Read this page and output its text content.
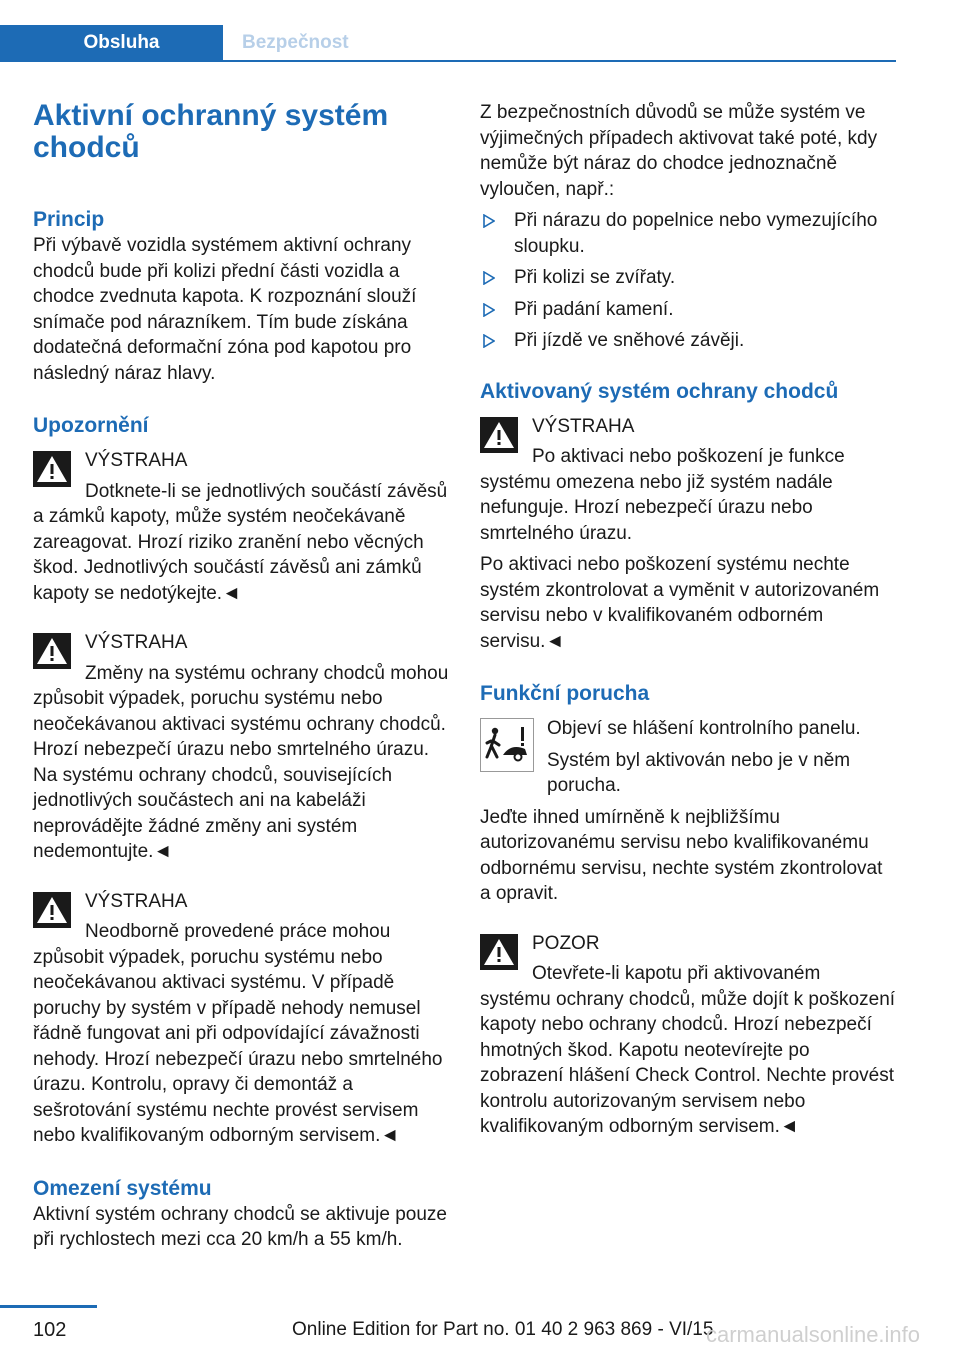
Obsluha	Bezpečnost
Aktivní ochranný systém chodců
Princip

Při výbavě vozidla systémem aktivní ochrany chodců bude při kolizi přední části vozidla a chodce zvednuta kapota. K rozpoznání slouží snímače pod nárazníkem. Tím bude získána dodatečná deformační zóna pod kapotou pro následný náraz hlavy.

Upozornění

VÝSTRAHA

Dotknete-li se jednotlivých součástí závěsů a zámků kapoty, může systém neočekávaně zareagovat. Hrozí riziko zranění nebo věcných škod. Jednotlivých součástí závěsů ani zámků kapoty se nedotýkejte.◄

VÝSTRAHA

Změny na systému ochrany chodců mohou způsobit výpadek, poruchu systému nebo neočekávanou aktivaci systému ochrany chodců. Hrozí nebezpečí úrazu nebo smrtelného úrazu. Na systému ochrany chodců, souvisejících jednotlivých součástech ani na kabeláži neprovádějte žádné změny ani systém nedemontujte.◄

VÝSTRAHA

Neodborně provedené práce mohou způsobit výpadek, poruchu systému nebo neočekávanou aktivaci systému. V případě poruchy by systém v případě nehody nemusel řádně fungovat ani při odpovídající závažnosti nehody. Hrozí nebezpečí úrazu nebo smrtelného úrazu. Kontrolu, opravy či demontáž a sešrotování systému nechte provést servisem nebo kvalifikovaným odborným servisem.◄

Omezení systému

Aktivní systém ochrany chodců se aktivuje pouze při rychlostech mezi cca 20 km/h a 55 km/h.

Z bezpečnostních důvodů se může systém ve výjimečných případech aktivovat také poté, kdy nemůže být náraz do chodce jednoznačně vyloučen, např.:

Při nárazu do popelnice nebo vymezujícího sloupku.
Při kolizi se zvířaty.
Při padání kamení.
Při jízdě ve sněhové závěji.
Aktivovaný systém ochrany chodců

VÝSTRAHA

Po aktivaci nebo poškození je funkce systému omezena nebo již systém nadále nefunguje. Hrozí nebezpečí úrazu nebo smrtelného úrazu.

Po aktivaci nebo poškození systému nechte systém zkontrolovat a vyměnit v autorizovaném servisu nebo v kvalifikovaném odborném servisu.◄

Funkční porucha

Objeví se hlášení kontrolního panelu.

Systém byl aktivován nebo je v něm porucha.

Jeďte ihned umírněně k nejbližšímu autorizovanému servisu nebo kvalifikovanému odbornému servisu, nechte systém zkontrolovat a opravit.

POZOR

Otevřete-li kapotu při aktivovaném systému ochrany chodců, může dojít k poškození kapoty nebo ochrany chodců. Hrozí nebezpečí hmotných škod. Kapotu neotevírejte po zobrazení hlášení Check Control. Nechte provést kontrolu autorizovaným servisem nebo kvalifikovaným odborným servisem.◄

102	Online Edition for Part no. 01 40 2 963 869 - VI/15
carmanualsonline.info
